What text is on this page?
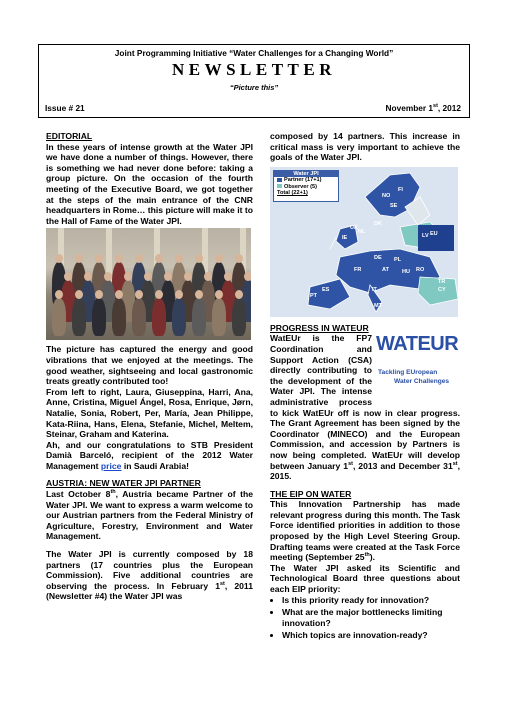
Joint Programming Initiative “Water Challenges for a Changing World”
NEWSLETTER
“Picture this”
Issue # 21	November 1st, 2012
EDITORIAL

In these years of intense growth at the Water JPI we have done a number of things. However, there is something we had never done before: taking a group picture. On the occasion of the fourth meeting of the Executive Board, we got together at the steps of the main entrance of the CNR headquarters in Rome… this picture will make it to the Hall of Fame of the Water JPI.

The picture has captured the energy and good vibrations that we enjoyed at the meetings. The good weather, sightseeing and local gastronomic treats greatly contributed too!

From left to right, Laura, Giuseppina, Harri, Ana, Anne, Cristina, Miguel Ángel, Rosa, Enrique, Jørn, Natalie, Sonia, Robert, Per, María, Jean Philippe, Kata-Riina, Hans, Elena, Stefanie, Michel, Meltem, Steinar, Graham and Katerina.

Ah, and our congratulations to STB President Damià Barceló, recipient of the 2012 Water Management price in Saudi Arabia!

AUSTRIA: NEW WATER JPI PARTNER

Last October 8th, Austria became Partner of the Water JPI. We want to express a warm welcome to our Austrian partners from the Federal Ministry of Agriculture, Forestry, Environment and Water Management.

The Water JPI is currently composed by 18 partners (17 countries plus the European Commission). Five additional countries are observing the process. In February 1st, 2011 (Newsletter #4) the Water JPI was

composed by 14 partners. This increase in critical mass is very important to achieve the goals of the Water JPI.

FI
NO
SE
LV
DK
NL
IE
UK
PL
DE
FR	AT HU
IT
RO
CY
ES
PT
TR
MT
EU
Water JPI
Partner (17+1)
Observer (5)
Total (22+1)
PROGRESS IN WATEUR
WATEUR
Tackling EUropean
Water Challenges
WatEUr is the FP7 Coordination and Support Action (CSA) directly contributing to the development of the Water JPI. The intense administrative process to kick WatEUr off is now in clear progress. The Grant Agreement has been signed by the Coordinator (MINECO) and the European Commission, and accession by Partners is now being completed. WatEUr will develop between January 1st, 2013 and December 31st, 2015.
THE EIP ON WATER

This Innovation Partnership has made relevant progress during this month. The Task Force identified priorities in addition to those proposed by the High Level Steering Group. Drafting teams were created at the Task Force meeting (September 25th).

The Water JPI asked its Scientific and Technological Board three questions about each EIP priority:

• Is this priority ready for innovation?
• What are the major bottlenecks limiting innovation?
• Which topics are innovation-ready?
